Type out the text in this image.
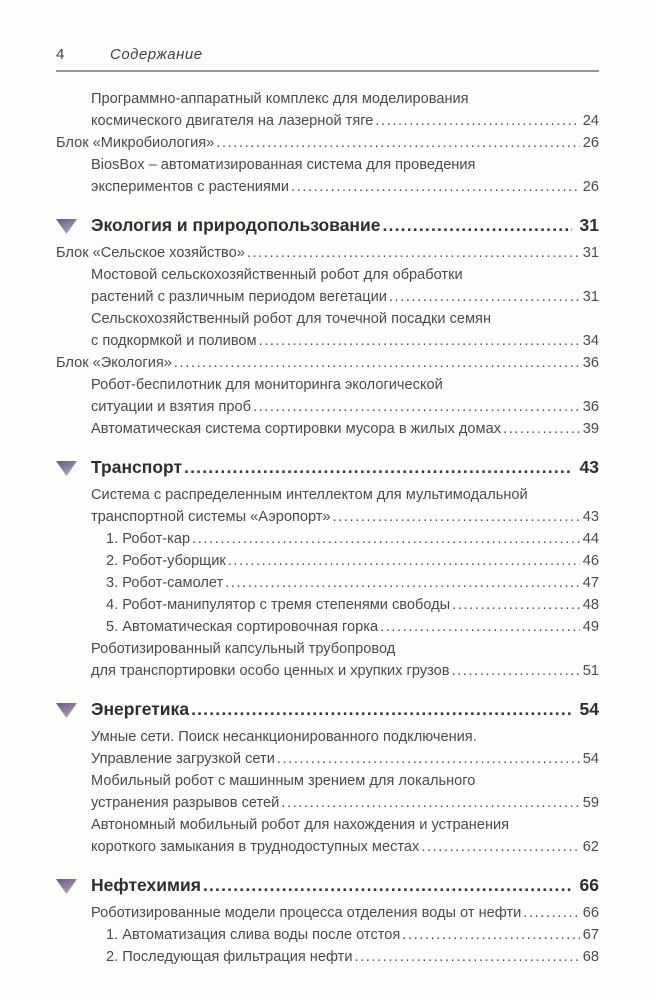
4	Содержание
Программно-аппаратный комплекс для моделирования
космического двигателя на лазерной тяге .....	24
Блок «Микробиология» .....	26
BiosBox – автоматизированная система для проведения
экспериментов с растениями .....	26
Экология и природопользование .....	31
Блок «Сельское хозяйство» .....	31
Мостовой сельскохозяйственный робот для обработки
растений с различным периодом вегетации .....	31
Сельскохозяйственный робот для точечной посадки семян
с подкормкой и поливом .....	34
Блок «Экология» .....	36
Робот-беспилотник для мониторинга экологической
ситуации и взятия проб .....	36
Автоматическая система сортировки мусора в жилых домах .....	39
Транспорт .....	43
Система с распределенным интеллектом для мультимодальной
транспортной системы «Аэропорт» .....	43
1. Робот-кар .....	44
2. Робот-уборщик .....	46
3. Робот-самолет .....	47
4. Робот-манипулятор с тремя степенями свободы .....	48
5. Автоматическая сортировочная горка .....	49
Роботизированный капсульный трубопровод
для транспортировки особо ценных и хрупких грузов .....	51
Энергетика .....	54
Умные сети. Поиск несанкционированного подключения.
Управление загрузкой сети .....	54
Мобильный робот с машинным зрением для локального
устранения разрывов сетей .....	59
Автономный мобильный робот для нахождения и устранения
короткого замыкания в труднодоступных местах .....	62
Нефтехимия .....	66
Роботизированные модели процесса отделения воды от нефти .....	66
1. Автоматизация слива воды после отстоя .....	67
2. Последующая фильтрация нефти .....	68
